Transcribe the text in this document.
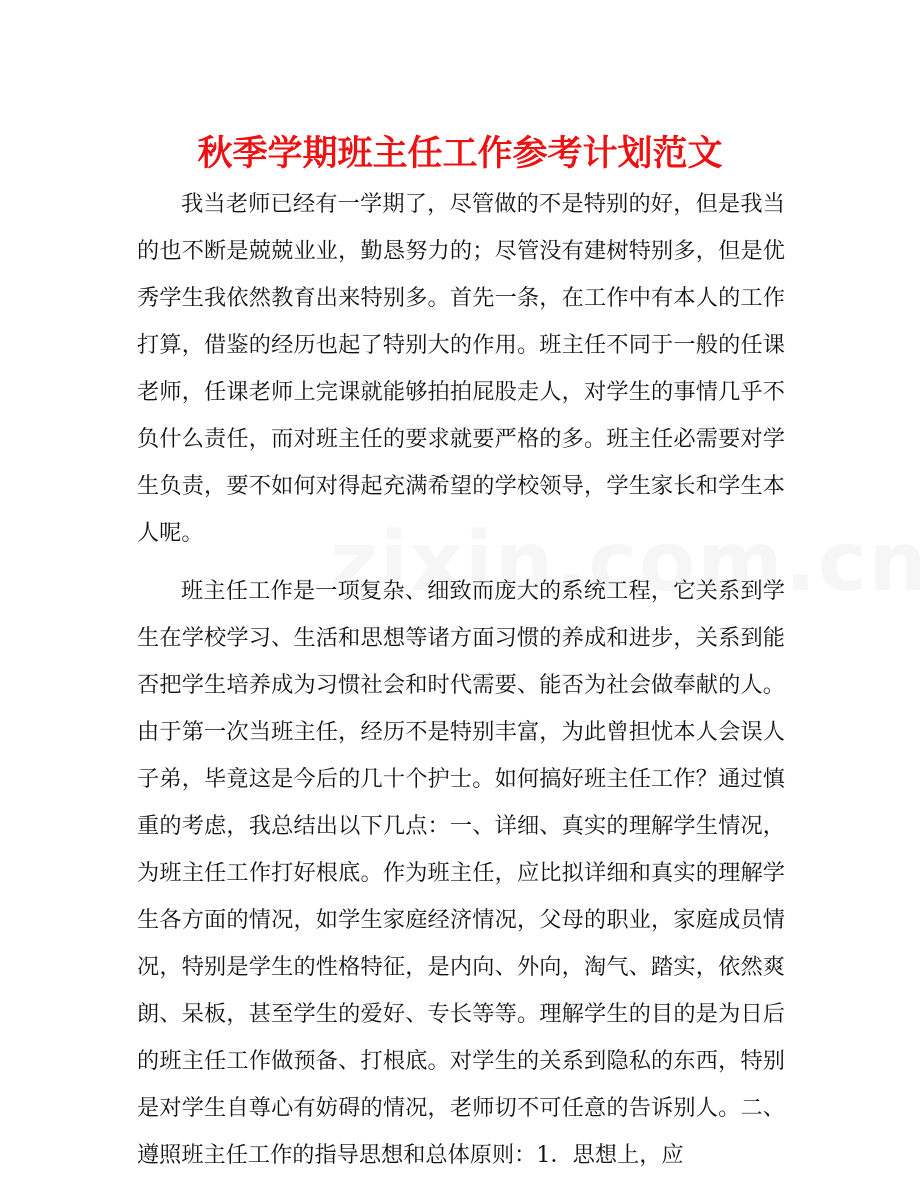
秋季学期班主任工作参考计划范文

我当老师已经有一学期了，尽管做的不是特别的好，但是我当的也不断是兢兢业业，勤恳努力的；尽管没有建树特别多，但是优秀学生我依然教育出来特别多。首先一条，在工作中有本人的工作打算，借鉴的经历也起了特别大的作用。班主任不同于一般的任课老师，任课老师上完课就能够拍拍屁股走人，对学生的事情几乎不负什么责任，而对班主任的要求就要严格的多。班主任必需要对学生负责，要不如何对得起充满希望的学校领导，学生家长和学生本人呢。

班主任工作是一项复杂、细致而庞大的系统工程，它关系到学生在学校学习、生活和思想等诸方面习惯的养成和进步，关系到能否把学生培养成为习惯社会和时代需要、能否为社会做奉献的人。由于第一次当班主任，经历不是特别丰富，为此曾担忧本人会误人子弟，毕竟这是今后的几十个护士。如何搞好班主任工作？通过慎重的考虑，我总结出以下几点：一、详细、真实的理解学生情况，为班主任工作打好根底。作为班主任，应比拟详细和真实的理解学生各方面的情况，如学生家庭经济情况，父母的职业，家庭成员情况，特别是学生的性格特征，是内向、外向，淘气、踏实，依然爽朗、呆板，甚至学生的爱好、专长等等。理解学生的目的是为日后的班主任工作做预备、打根底。对学生的关系到隐私的东西，特别是对学生自尊心有妨碍的情况，老师切不可任意的告诉别人。二、遵照班主任工作的指导思想和总体原则：1．思想上，应
